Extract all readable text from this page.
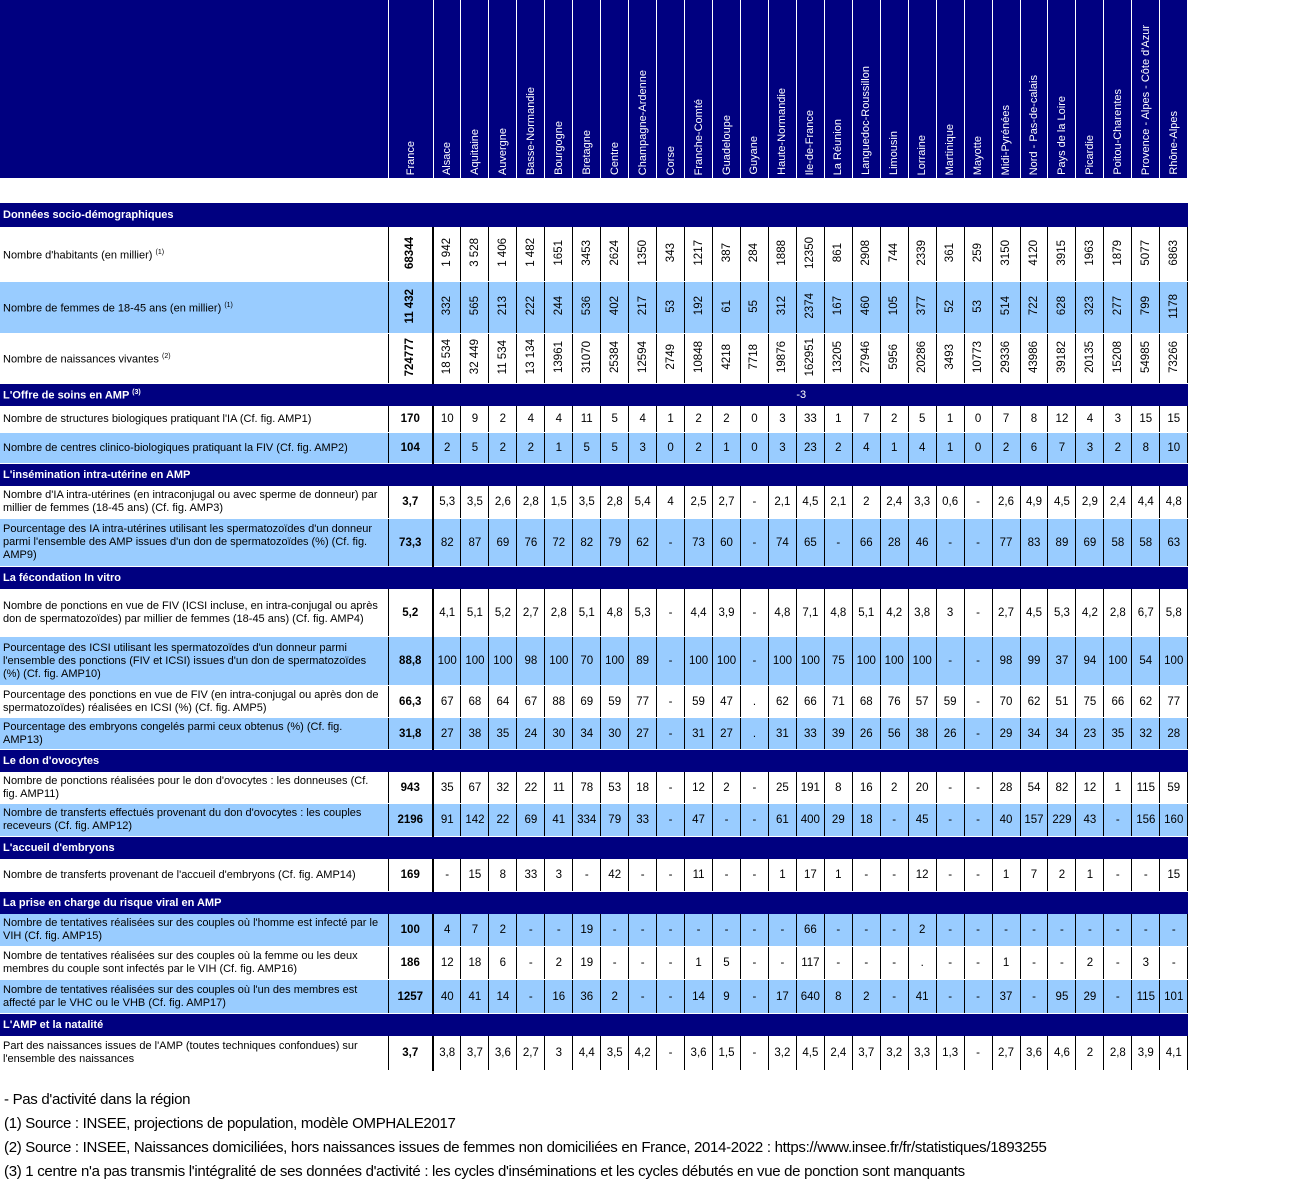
	France	Alsace	Aquitaine	Auvergne	Basse-Normandie	Bourgogne	Bretagne	Centre	Champagne-Ardenne	Corse	Franche-Comté	Guadeloupe	Guyane	Haute-Normandie	Ile-de-France	La Réunion	Languedoc-Roussillon	Limousin	Lorraine	Martinique	Mayotte	Midi-Pyrénées	Nord - Pas-de-calais	Pays de la Loire	Picardie	Poitou-Charentes	Provence - Alpes - Côte d'Azur	Rhône-Alpes

Données socio-démographiques																												
Nombre d'habitants (en millier) $^{(1)}$	68344	1 942	3 528	1 406	1 482	1651	3453	2624	1350	343	1217	387	284	1888	12350	861	2908	744	2339	361	259	3150	4120	3915	1963	1879	5077	6863
Nombre de femmes de 18-45 ans (en millier) $^{(1)}$	11 432	332	565	213	222	244	536	402	217	53	192	61	55	312	2374	167	460	105	377	52	53	514	722	628	323	277	799	1178
Nombre de naissances vivantes $^{(2)}$	724777	18 534	32 449	11 534	13 134	13961	31070	25384	12594	2749	10848	4218	7718	19876	162951	13205	27946	5956	20286	3493	10773	29336	43986	39182	20135	15208	54985	73266
L'Offre de soins en AMP $^{(3)}$															-3													
Nombre de structures biologiques pratiquant l'IA (Cf. fig. AMP1)	170	10	9	2	4	4	11	5	4	1	2	2	0	3	33	1	7	2	5	1	0	7	8	12	4	3	15	15
Nombre de centres clinico-biologiques pratiquant la FIV (Cf. fig. AMP2)	104	2	5	2	2	1	5	5	3	0	2	1	0	3	23	2	4	1	4	1	0	2	6	7	3	2	8	10
L'insémination intra-utérine en AMP																												
Nombre d'IA intra-utérines (en intraconjugal ou avec sperme de donneur) par millier de femmes (18-45 ans) (Cf. fig. AMP3)	3,7	5,3	3,5	2,6	2,8	1,5	3,5	2,8	5,4	4	2,5	2,7	-	2,1	4,5	2,1	2	2,4	3,3	0,6	-	2,6	4,9	4,5	2,9	2,4	4,4	4,8
Pourcentage des IA intra-utérines utilisant les spermatozoïdes d'un donneur parmi l'ensemble des AMP issues d'un don de spermatozoïdes (%) (Cf. fig. AMP9)	73,3	82	87	69	76	72	82	79	62	-	73	60	-	74	65	-	66	28	46	-	-	77	83	89	69	58	58	63
La fécondation In vitro																												
Nombre de ponctions en vue de FIV (ICSI incluse, en intra-conjugal ou après don de spermatozoïdes) par millier de femmes (18-45 ans) (Cf. fig. AMP4)	5,2	4,1	5,1	5,2	2,7	2,8	5,1	4,8	5,3	-	4,4	3,9	-	4,8	7,1	4,8	5,1	4,2	3,8	3	-	2,7	4,5	5,3	4,2	2,8	6,7	5,8
Pourcentage des ICSI utilisant les spermatozoïdes d'un donneur parmi l'ensemble des ponctions (FIV et ICSI) issues d'un don de spermatozoïdes (%) (Cf. fig. AMP10)	88,8	100	100	100	98	100	70	100	89	-	100	100	-	100	100	75	100	100	100	-	-	98	99	37	94	100	54	100
Pourcentage des ponctions en vue de FIV (en intra-conjugal ou après don de spermatozoïdes) réalisées en ICSI (%) (Cf. fig. AMP5)	66,3	67	68	64	67	88	69	59	77	-	59	47	.	62	66	71	68	76	57	59	-	70	62	51	75	66	62	77
Pourcentage des embryons congelés parmi ceux obtenus (%) (Cf. fig. AMP13)	31,8	27	38	35	24	30	34	30	27	-	31	27	.	31	33	39	26	56	38	26	-	29	34	34	23	35	32	28
Le don d'ovocytes																												
Nombre de ponctions réalisées pour le don d'ovocytes : les donneuses (Cf. fig. AMP11)	943	35	67	32	22	11	78	53	18	-	12	2	-	25	191	8	16	2	20	-	-	28	54	82	12	1	115	59
Nombre de transferts effectués provenant du don d'ovocytes : les couples receveurs (Cf. fig. AMP12)	2196	91	142	22	69	41	334	79	33	-	47	-	-	61	400	29	18	-	45	-	-	40	157	229	43	-	156	160
L'accueil d'embryons																												
Nombre de transferts provenant de l'accueil d'embryons (Cf. fig. AMP14)	169	-	15	8	33	3	-	42	-	-	11	-	-	1	17	1	-	-	12	-	-	1	7	2	1	-	-	15
La prise en charge du risque viral en AMP																												
Nombre de tentatives réalisées sur des couples où l'homme est infecté par le VIH (Cf. fig. AMP15)	100	4	7	2	-	-	19	-	-	-	-	-	-	-	66	-	-	-	2	-	-	-	-	-	-	-	-	-
Nombre de tentatives réalisées sur des couples où la femme ou les deux membres du couple sont infectés par le VIH (Cf. fig. AMP16)	186	12	18	6	-	2	19	-	-	-	1	5	-	-	117	-	-	-	.	-	-	1	-	-	2	-	3	-
Nombre de tentatives réalisées sur des couples où l'un des membres est affecté par le VHC ou le VHB (Cf. fig. AMP17)	1257	40	41	14	-	16	36	2	-	-	14	9	-	17	640	8	2	-	41	-	-	37	-	95	29	-	115	101
L'AMP et la natalité																												
Part des naissances issues de l'AMP (toutes techniques confondues) sur l'ensemble des naissances	3,7	3,8	3,7	3,6	2,7	3	4,4	3,5	4,2	-	3,6	1,5	-	3,2	4,5	2,4	3,7	3,2	3,3	1,3	-	2,7	3,6	4,6	2	2,8	3,9	4,1
- Pas d'activité dans la région
(1) Source : INSEE, projections de population, modèle OMPHALE2017
(2) Source : INSEE, Naissances domiciliées, hors naissances issues de femmes non domiciliées en France, 2014-2022 : https://www.insee.fr/fr/statistiques/1893255
(3) 1 centre n'a pas transmis l'intégralité de ses données d'activité : les cycles d'inséminations et les cycles débutés en vue de ponction sont manquants
